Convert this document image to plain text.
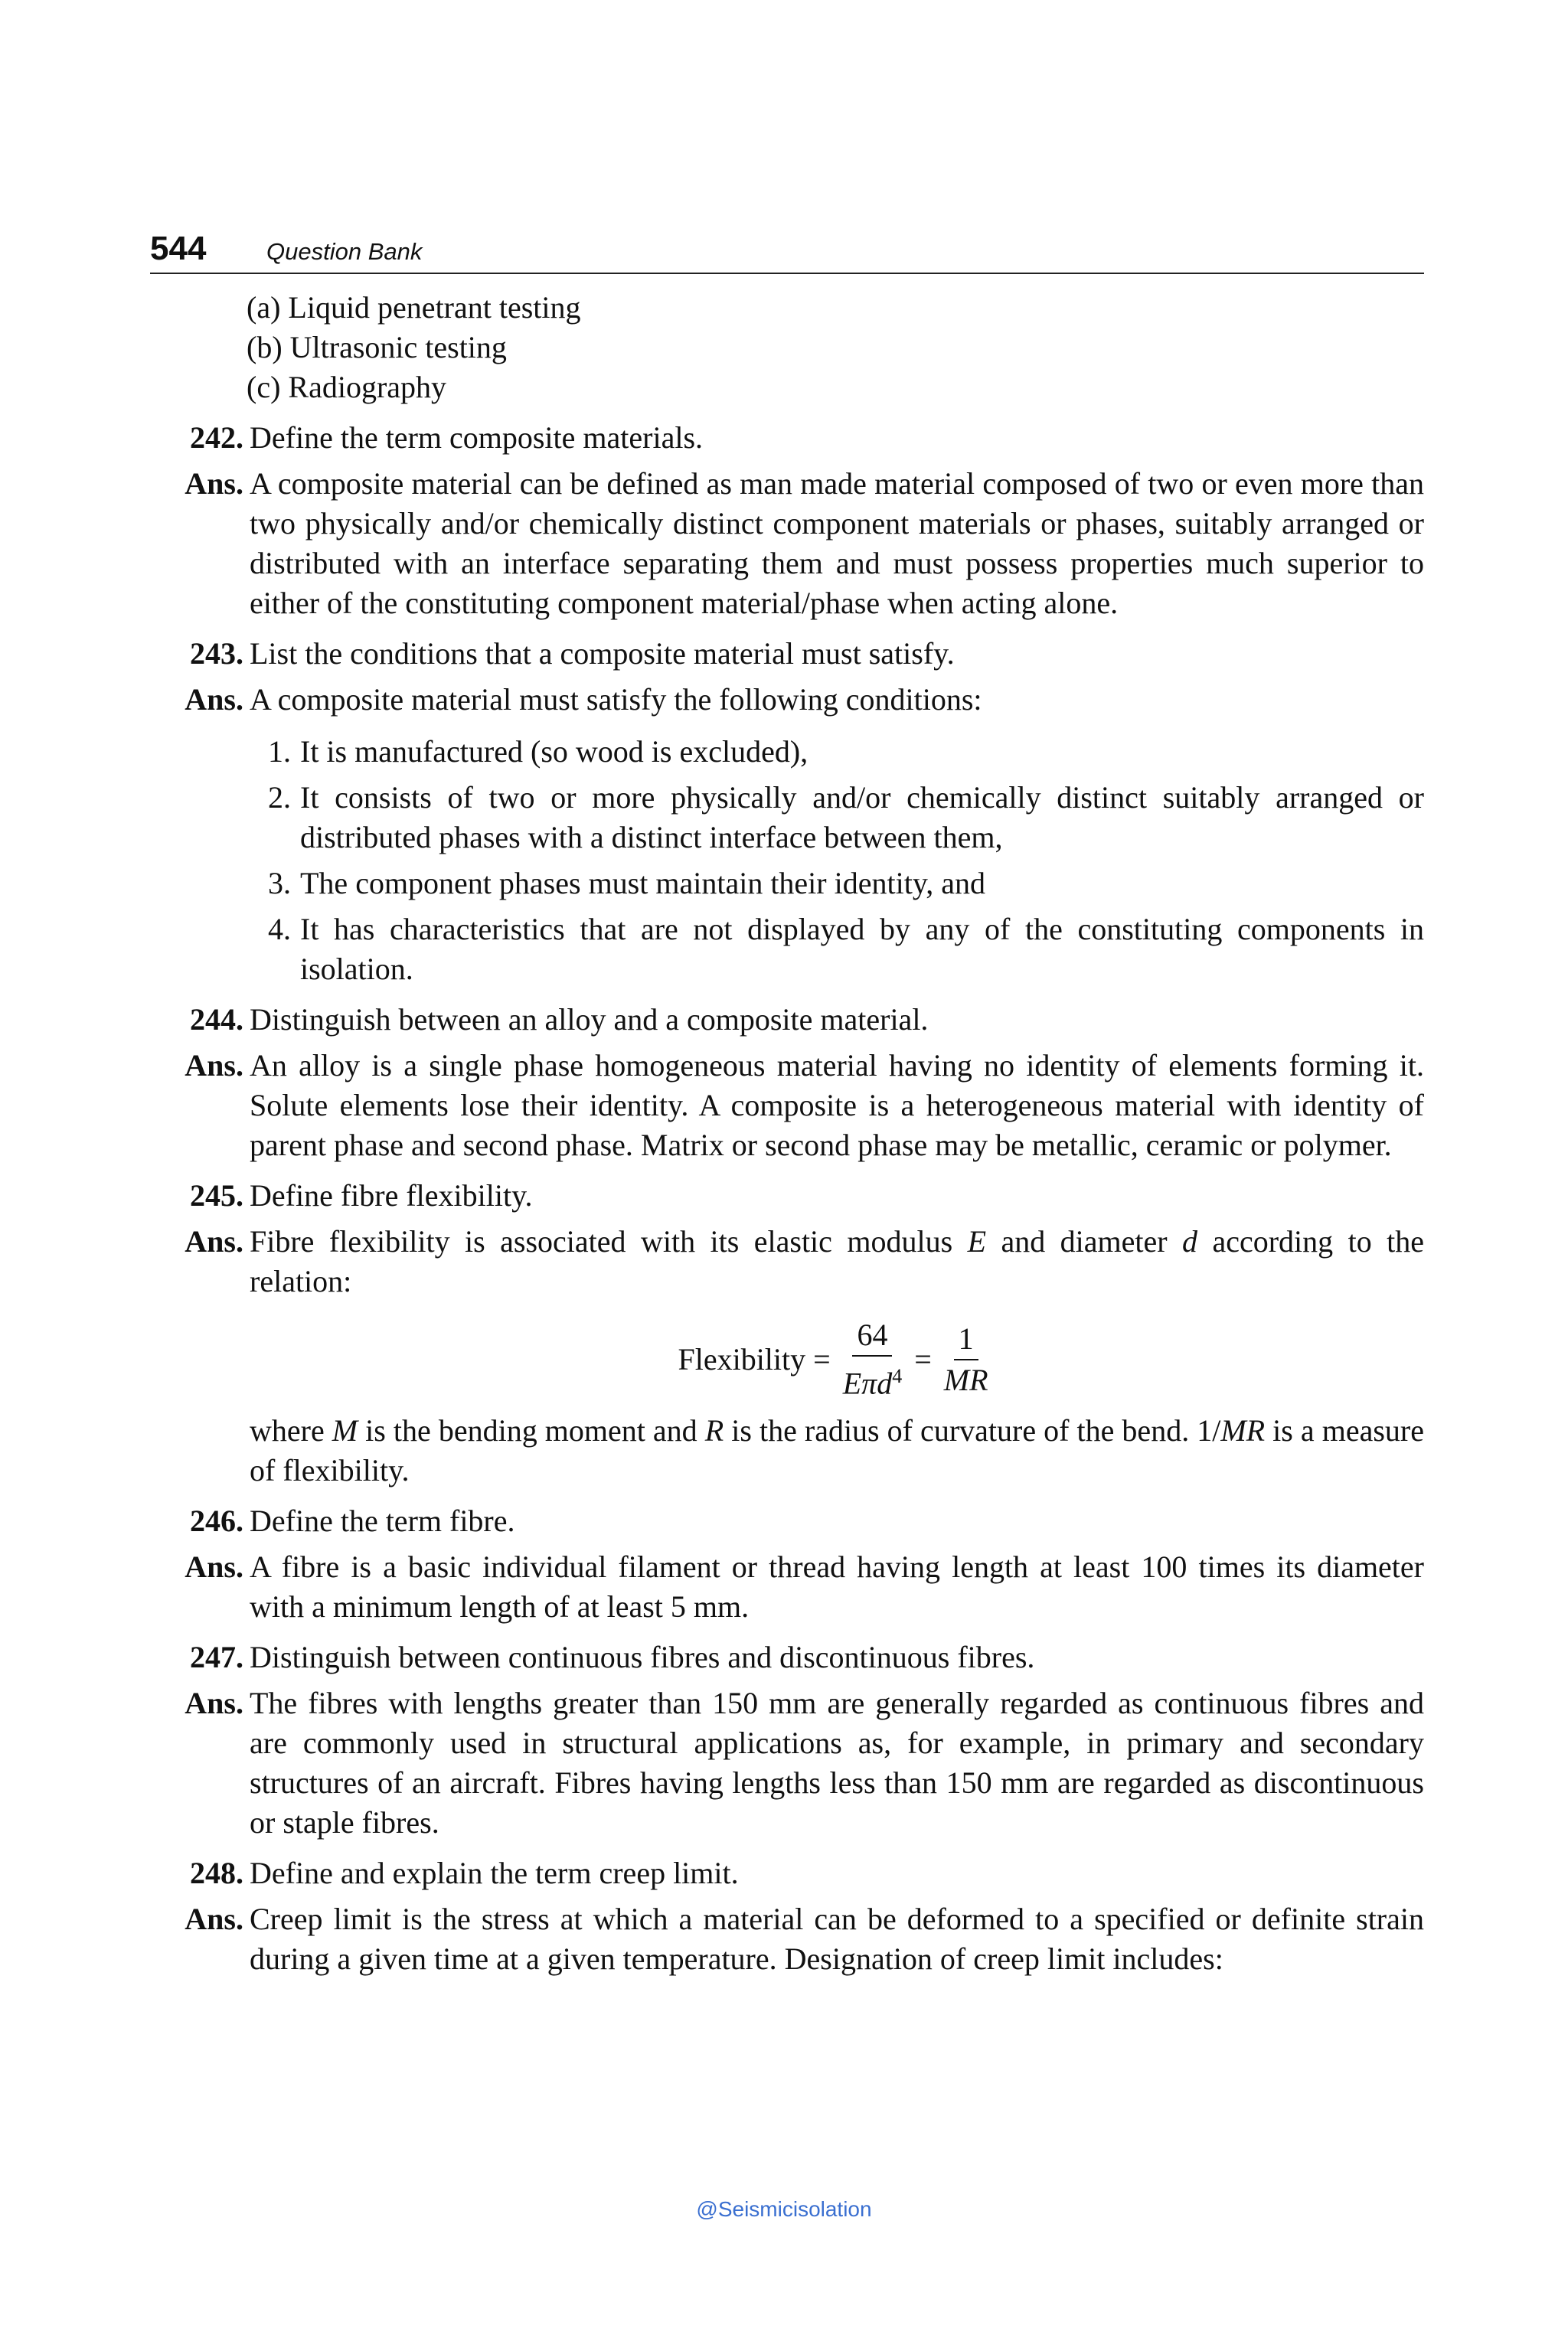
544	Question Bank
(a) Liquid penetrant testing
(b) Ultrasonic testing
(c) Radiography
242. Define the term composite materials.
Ans. A composite material can be defined as man made material composed of two or even more than two physically and/or chemically distinct component materials or phases, suitably arranged or distributed with an interface separating them and must possess properties much superior to either of the constituting component material/phase when acting alone.
243. List the conditions that a composite material must satisfy.
Ans. A composite material must satisfy the following conditions:
1. It is manufactured (so wood is excluded),
2. It consists of two or more physically and/or chemically distinct suitably arranged or distributed phases with a distinct interface between them,
3. The component phases must maintain their identity, and
4. It has characteristics that are not displayed by any of the constituting components in isolation.
244. Distinguish between an alloy and a composite material.
Ans. An alloy is a single phase homogeneous material having no identity of elements forming it. Solute elements lose their identity. A composite is a heterogeneous material with identity of parent phase and second phase. Matrix or second phase may be metallic, ceramic or polymer.
245. Define fibre flexibility.
Ans. Fibre flexibility is associated with its elastic modulus E and diameter d according to the relation:
Flexibility = $\frac{64}{E\pi d^4} = \frac{1}{MR}$
where M is the bending moment and R is the radius of curvature of the bend. 1/MR is a measure of flexibility.
246. Define the term fibre.
Ans. A fibre is a basic individual filament or thread having length at least 100 times its diameter with a minimum length of at least 5 mm.
247. Distinguish between continuous fibres and discontinuous fibres.
Ans. The fibres with lengths greater than 150 mm are generally regarded as continuous fibres and are commonly used in structural applications as, for example, in primary and secondary structures of an aircraft. Fibres having lengths less than 150 mm are regarded as discontinuous or staple fibres.
248. Define and explain the term creep limit.
Ans. Creep limit is the stress at which a material can be deformed to a specified or definite strain during a given time at a given temperature. Designation of creep limit includes:
@Seismicisolation
